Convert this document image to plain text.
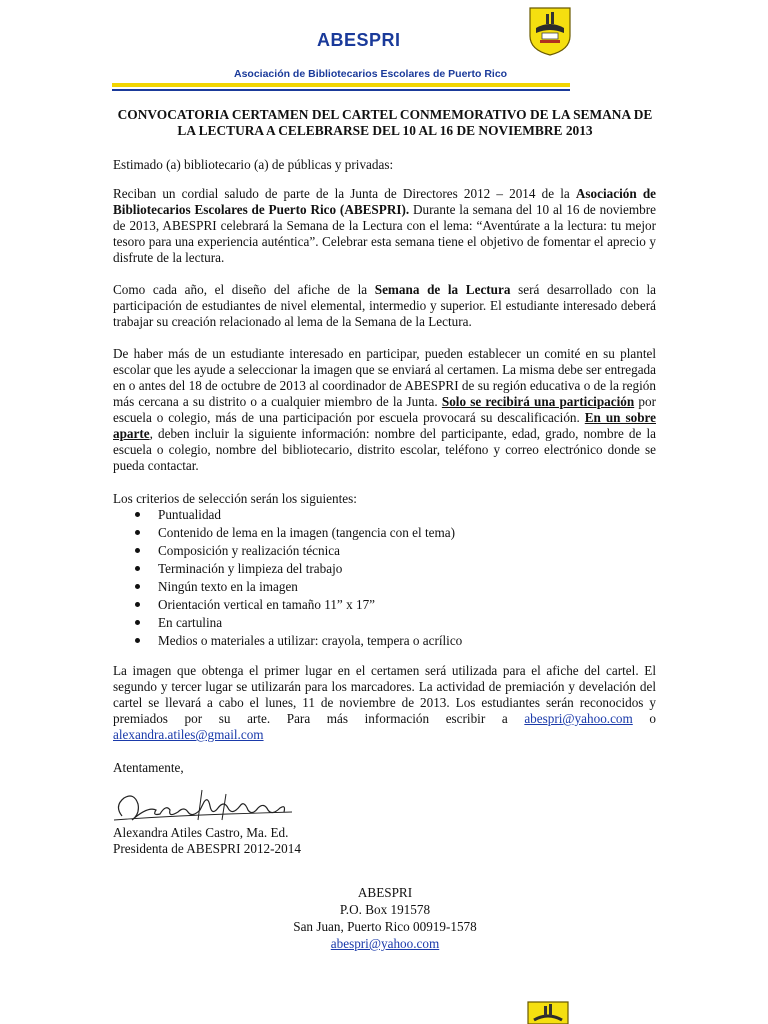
ABESPRI
Asociación de Bibliotecarios Escolares de Puerto Rico
CONVOCATORIA CERTAMEN DEL CARTEL CONMEMORATIVO DE LA SEMANA DE LA LECTURA A CELEBRARSE DEL 10 AL 16 DE NOVIEMBRE 2013

Estimado (a) bibliotecario (a) de públicas y privadas:

Reciban un cordial saludo de parte de la Junta de Directores 2012 – 2014 de la Asociación de Bibliotecarios Escolares de Puerto Rico (ABESPRI). Durante la semana del 10 al 16 de noviembre de 2013, ABESPRI celebrará la Semana de la Lectura con el lema: “Aventúrate a la lectura: tu mejor tesoro para una experiencia auténtica”. Celebrar esta semana tiene el objetivo de fomentar el aprecio y disfrute de la lectura.

Como cada año, el diseño del afiche de la Semana de la Lectura será desarrollado con la participación de estudiantes de nivel elemental, intermedio y superior. El estudiante interesado deberá trabajar su creación relacionado al lema de la Semana de la Lectura.

De haber más de un estudiante interesado en participar, pueden establecer un comité en su plantel escolar que les ayude a seleccionar la imagen que se enviará al certamen. La misma debe ser entregada en o antes del 18 de octubre de 2013 al coordinador de ABESPRI de su región educativa o de la región más cercana a su distrito o a cualquier miembro de la Junta. Solo se recibirá una participación por escuela o colegio, más de una participación por escuela provocará su descalificación. En un sobre aparte, deben incluir la siguiente información: nombre del participante, edad, grado, nombre de la escuela o colegio, nombre del bibliotecario, distrito escolar, teléfono y correo electrónico donde se pueda contactar.

Los criterios de selección serán los siguientes:

Puntualidad
Contenido de lema en la imagen (tangencia con el tema)
Composición y realización técnica
Terminación y limpieza del trabajo
Ningún texto en la imagen
Orientación vertical en tamaño 11” x 17”
En cartulina
Medios o materiales a utilizar: crayola, tempera o acrílico

La imagen que obtenga el primer lugar en el certamen será utilizada para el afiche del cartel. El segundo y tercer lugar se utilizarán para los marcadores. La actividad de premiación y develación del cartel se llevará a cabo el lunes, 11 de noviembre de 2013. Los estudiantes serán reconocidos y premiados por su arte. Para más información escribir a abespri@yahoo.com o alexandra.atiles@gmail.com

Atentamente,
Alexandra Atiles Castro, Ma. Ed.
Presidenta de ABESPRI 2012-2014
ABESPRI
P.O. Box 191578
San Juan, Puerto Rico 00919-1578
abespri@yahoo.com
